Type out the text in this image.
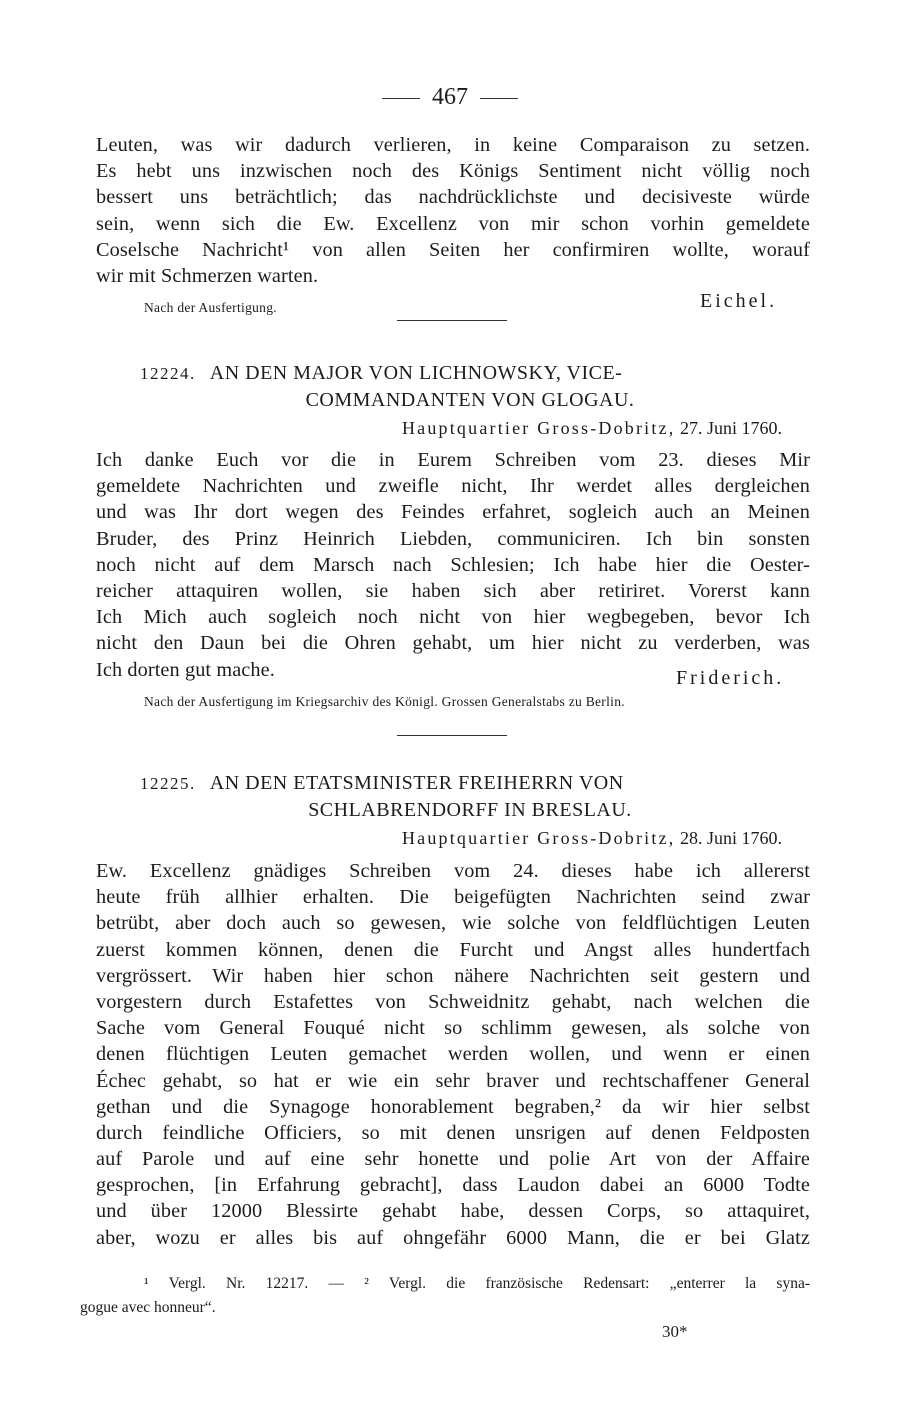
467
Leuten, was wir dadurch verlieren, in keine Comparaison zu setzen.
Es hebt uns inzwischen noch des Königs Sentiment nicht völlig noch
bessert uns beträchtlich; das nachdrücklichste und decisiveste würde
sein, wenn sich die Ew. Excellenz von mir schon vorhin gemeldete
Coselsche Nachricht¹ von allen Seiten her confirmiren wollte, worauf
wir mit Schmerzen warten.
Nach der Ausfertigung.	Eichel.
12224. AN DEN MAJOR VON LICHNOWSKY, VICE-
COMMANDANTEN VON GLOGAU.
Hauptquartier Gross-Dobritz, 27. Juni 1760.
Ich danke Euch vor die in Eurem Schreiben vom 23. dieses Mir
gemeldete Nachrichten und zweifle nicht, Ihr werdet alles dergleichen
und was Ihr dort wegen des Feindes erfahret, sogleich auch an Meinen
Bruder, des Prinz Heinrich Liebden, communiciren. Ich bin sonsten
noch nicht auf dem Marsch nach Schlesien; Ich habe hier die Oester-
reicher attaquiren wollen, sie haben sich aber retiriret. Vorerst kann
Ich Mich auch sogleich noch nicht von hier wegbegeben, bevor Ich
nicht den Daun bei die Ohren gehabt, um hier nicht zu verderben, was
Ich dorten gut mache.	Friderich.
Nach der Ausfertigung im Kriegsarchiv des Königl. Grossen Generalstabs zu Berlin.
12225. AN DEN ETATSMINISTER FREIHERRN VON
SCHLABRENDORFF IN BRESLAU.
Hauptquartier Gross-Dobritz, 28. Juni 1760.
Ew. Excellenz gnädiges Schreiben vom 24. dieses habe ich allererst
heute früh allhier erhalten. Die beigefügten Nachrichten seind zwar
betrübt, aber doch auch so gewesen, wie solche von feldflüchtigen Leuten
zuerst kommen können, denen die Furcht und Angst alles hundertfach
vergrössert. Wir haben hier schon nähere Nachrichten seit gestern und
vorgestern durch Estafettes von Schweidnitz gehabt, nach welchen die
Sache vom General Fouqué nicht so schlimm gewesen, als solche von
denen flüchtigen Leuten gemachet werden wollen, und wenn er einen
Échec gehabt, so hat er wie ein sehr braver und rechtschaffener General
gethan und die Synagoge honorablement begraben,² da wir hier selbst
durch feindliche Officiers, so mit denen unsrigen auf denen Feldposten
auf Parole und auf eine sehr honette und polie Art von der Affaire
gesprochen, [in Erfahrung gebracht], dass Laudon dabei an 6000 Todte
und über 12000 Blessirte gehabt habe, dessen Corps, so attaquiret,
aber, wozu er alles bis auf ohngefähr 6000 Mann, die er bei Glatz
¹ Vergl. Nr. 12217. — ² Vergl. die französische Redensart: „enterrer la syna-
gogue avec honneur“.
30*
